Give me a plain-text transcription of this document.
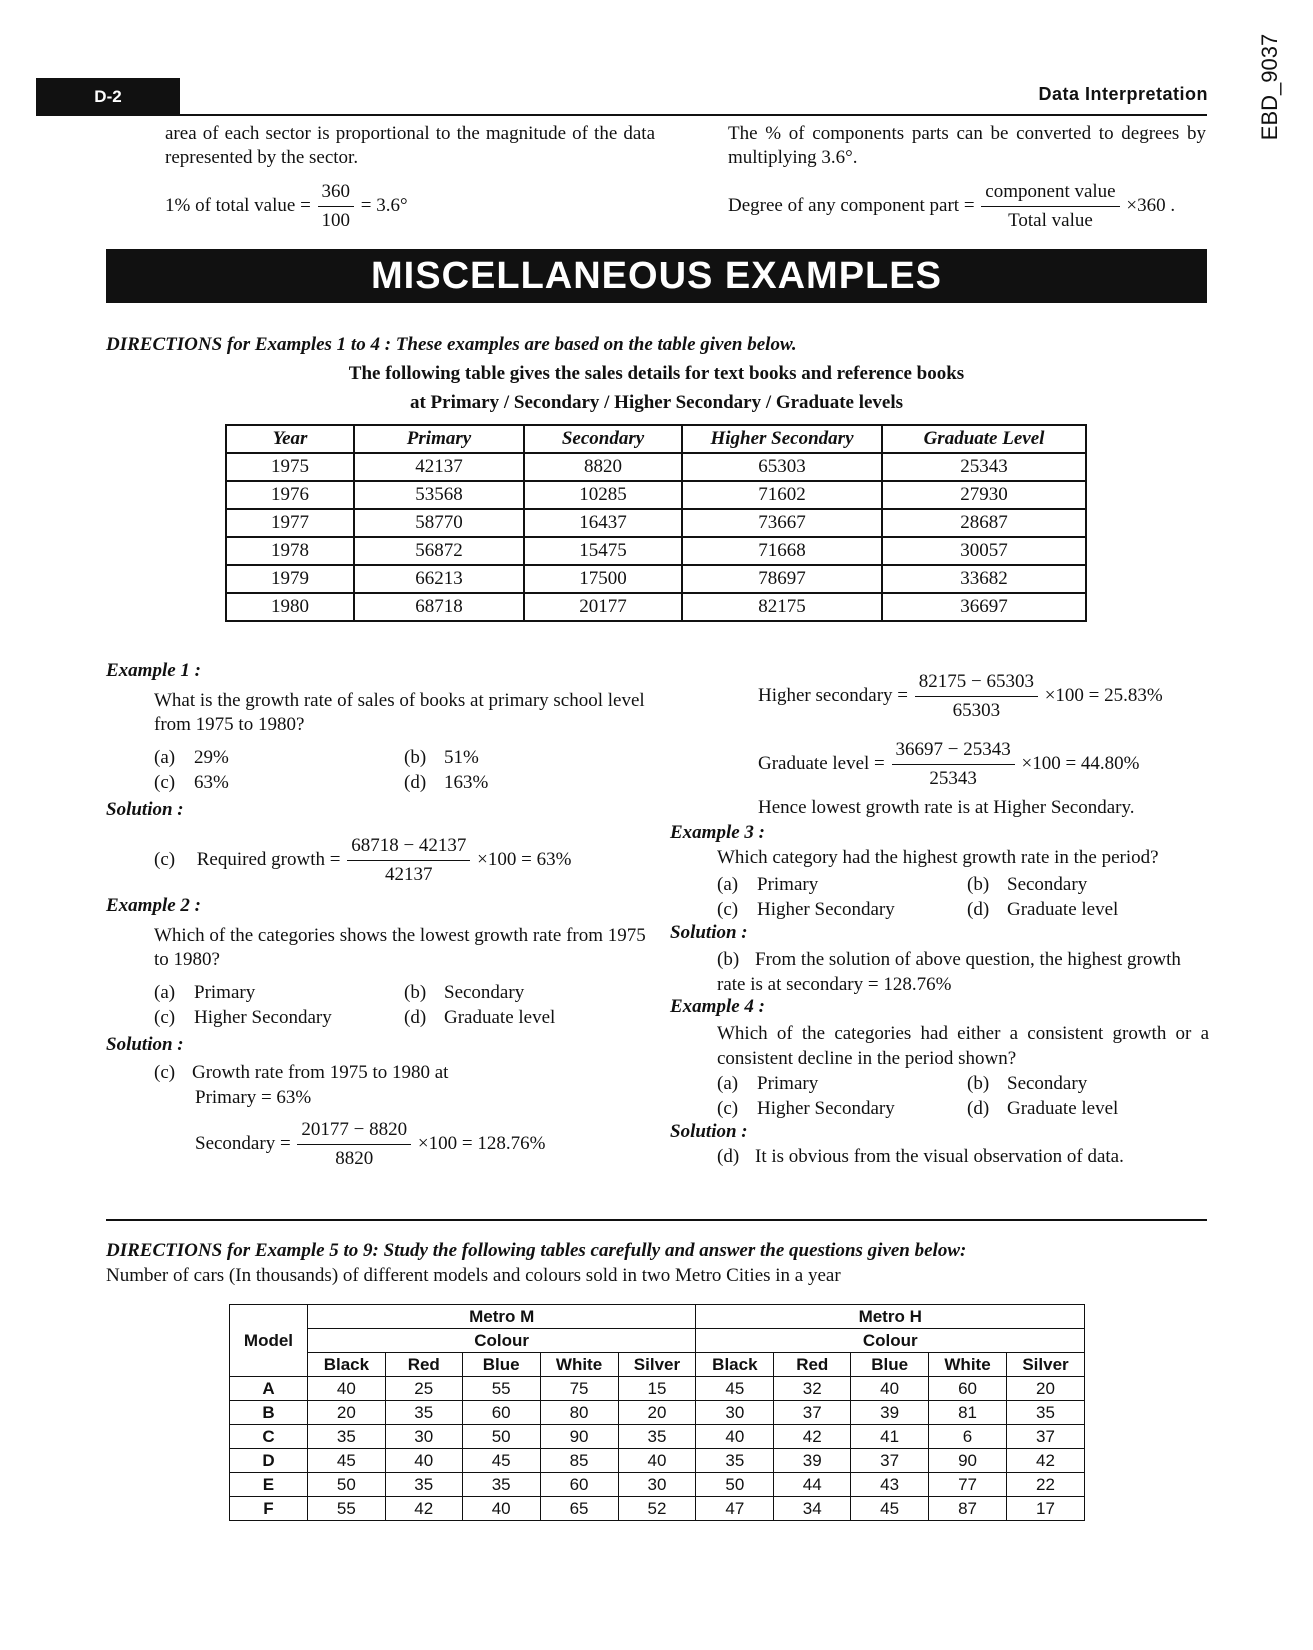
D-2	Data Interpretation EBD_9037
area of each sector is proportional to the magnitude of the data represented by the sector.
1% of total value = $\frac{360}{100} = 3.6^\circ$
The % of components parts can be converted to degrees by multiplying 3.6°.
Degree of any component part = $\frac{\text{component value}}{\text{Total value}} \times 360$ .
MISCELLANEOUS EXAMPLES
DIRECTIONS for Examples 1 to 4 : These examples are based on the table given below.
The following table gives the sales details for text books and reference books
at Primary / Secondary / Higher Secondary / Graduate levels
Year	Primary	Secondary	Higher Secondary	Graduate Level
1975	42137	8820	65303	25343
1976	53568	10285	71602	27930
1977	58770	16437	73667	28687
1978	56872	15475	71668	30057
1979	66213	17500	78697	33682
1980	68718	20177	82175	36697
Example 1 :
What is the growth rate of sales of books at primary school level from 1975 to 1980?
(a) 29%	(b) 51%
(c) 63%	(d) 163%
Solution :
(c) Required growth = $\frac{68718 - 42137}{42137} \times 100 = 63\%$
Example 2 :
Which of the categories shows the lowest growth rate from 1975 to 1980?
(a) Primary	(b) Secondary
(c) Higher Secondary	(d) Graduate level
Solution :
(c) Growth rate from 1975 to 1980 at
Primary = 63%
Secondary = $\frac{20177 - 8820}{8820} \times 100 = 128.76\%$
Higher secondary = $\frac{82175 - 65303}{65303} \times 100 = 25.83\%$
Graduate level = $\frac{36697 - 25343}{25343} \times 100 = 44.80\%$
Hence lowest growth rate is at Higher Secondary.
Example 3 :
Which category had the highest growth rate in the period?
(a) Primary	(b) Secondary
(c) Higher Secondary	(d) Graduate level
Solution :
(b) From the solution of above question, the highest growth
rate is at secondary = 128.76%
Example 4 :
Which of the categories had either a consistent growth or a consistent decline in the period shown?
(a) Primary	(b) Secondary
(c) Higher Secondary	(d) Graduate level
Solution :
(d) It is obvious from the visual observation of data.
DIRECTIONS for Example 5 to 9: Study the following tables carefully and answer the questions given below:
Number of cars (In thousands) of different models and colours sold in two Metro Cities in a year
Model	Metro M					Metro H				
	Colour					Colour				
	Black	Red	Blue	White	Silver	Black	Red	Blue	White	Silver
A	40	25	55	75	15	45	32	40	60	20
B	20	35	60	80	20	30	37	39	81	35
C	35	30	50	90	35	40	42	41	6	37
D	45	40	45	85	40	35	39	37	90	42
E	50	35	35	60	30	50	44	43	77	22
F	55	42	40	65	52	47	34	45	87	17
